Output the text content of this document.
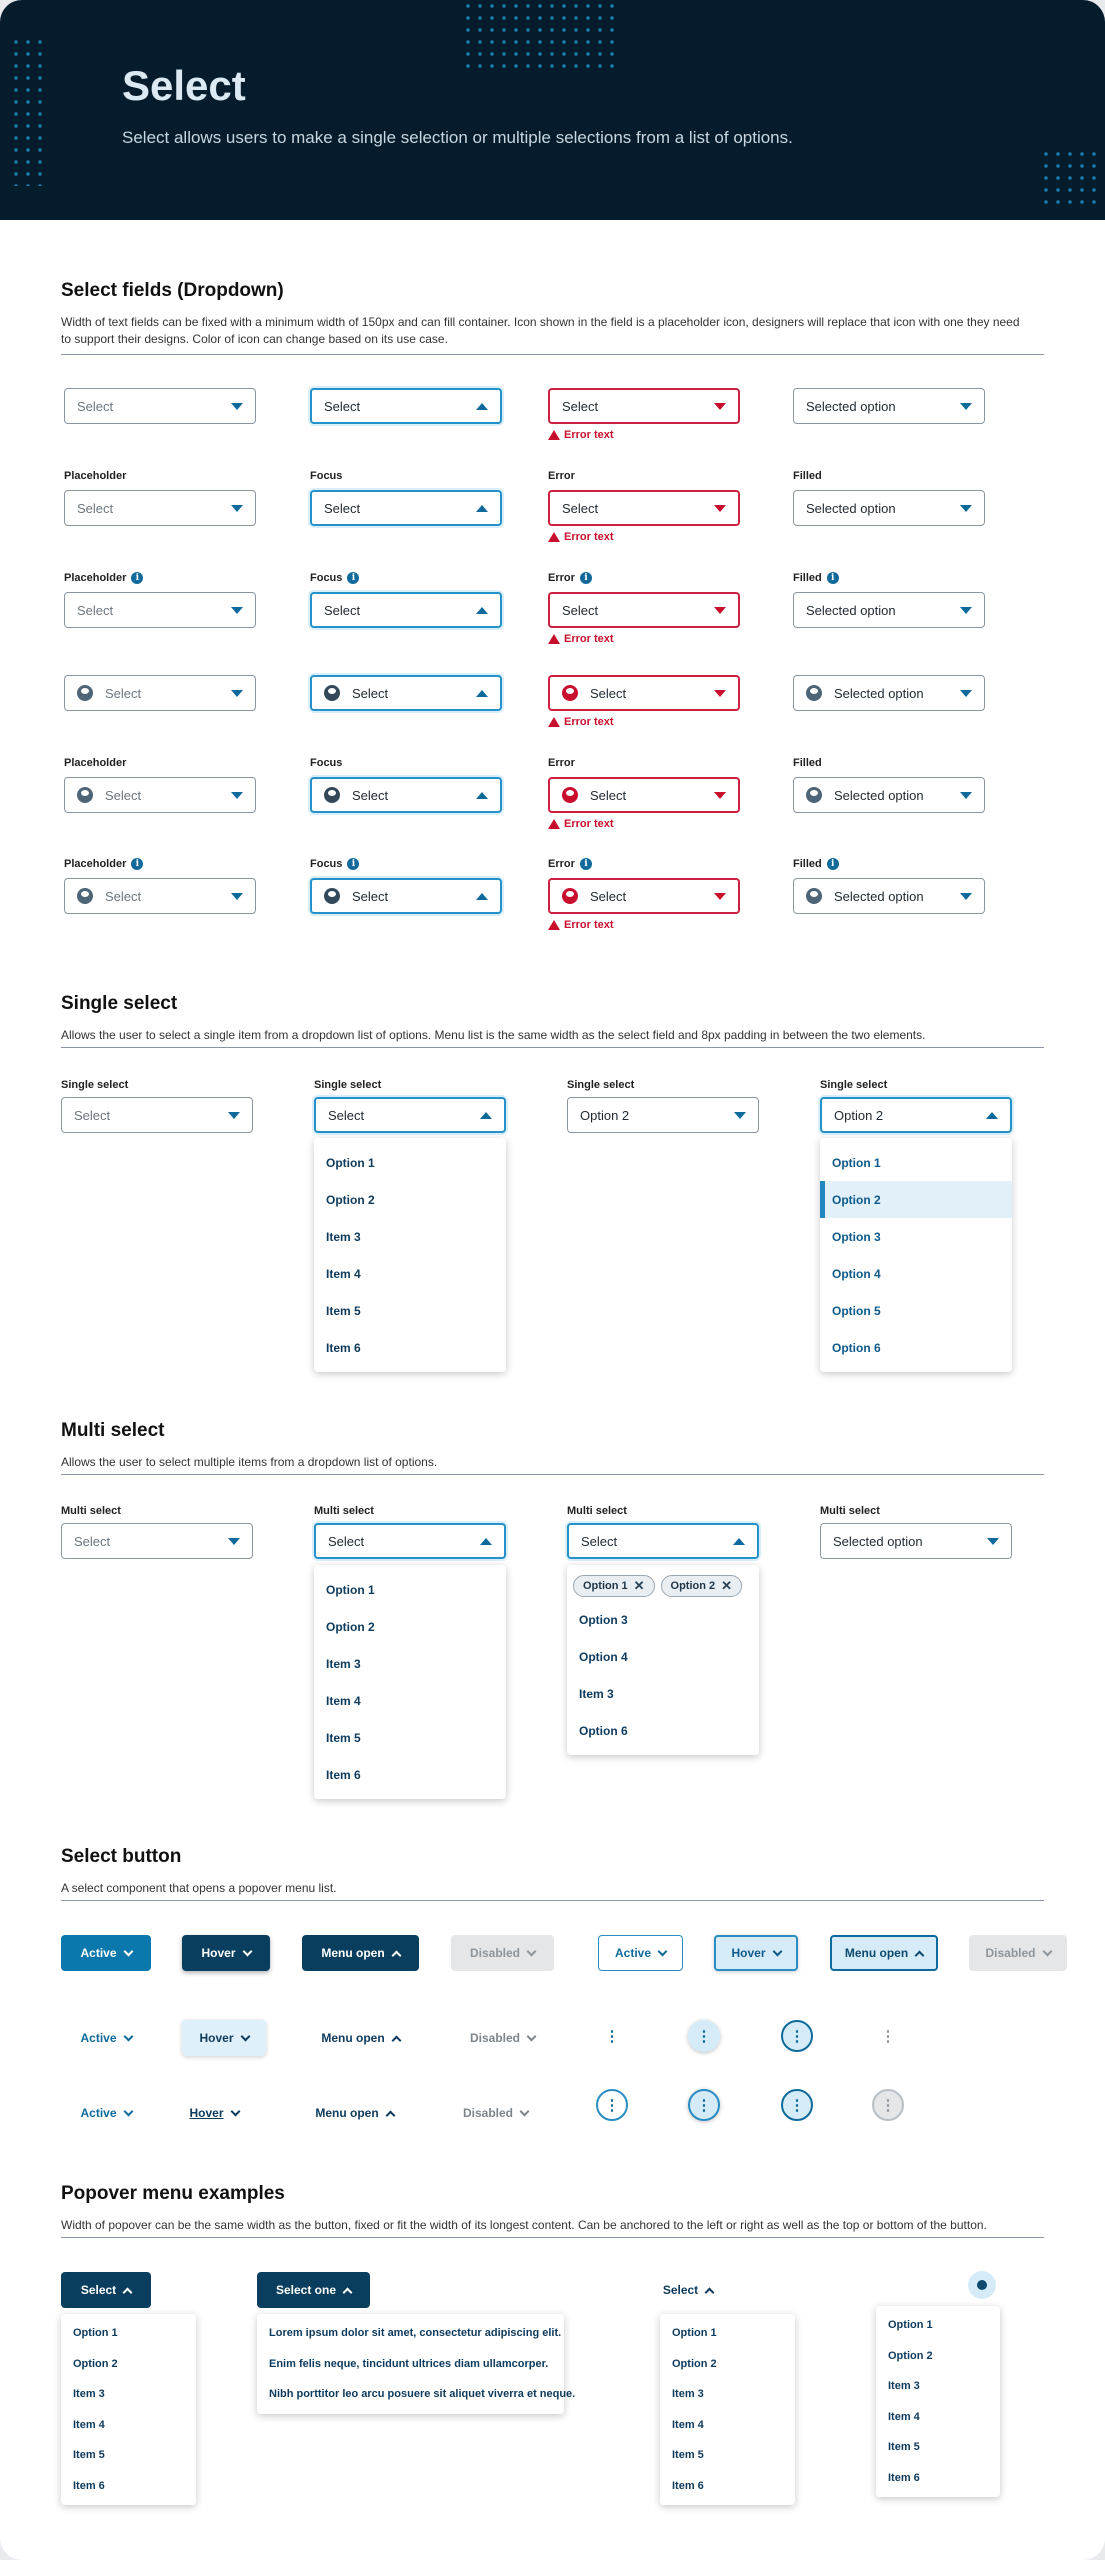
Select

Select allows users to make a single selection or multiple selections from a list of options.

Select fields (Dropdown)
Width of text fields can be fixed with a minimum width of 150px and can fill container. Icon shown in the field is a placeholder icon, designers will replace that icon with one they need to support their designs. Color of icon can change based on its use case.
Single select
Allows the user to select a single item from a dropdown list of options. Menu list is the same width as the select field and 8px padding in between the two elements.
Multi select
Allows the user to select multiple items from a dropdown list of options.
Select button
A select component that opens a popover menu list.
Popover menu examples
Width of popover can be the same width as the button, fixed or fit the width of its longest content. Can be anchored to the left or right as well as the top or bottom of the button.
Select	Select	Select
Error text
Selected option
Placeholder
Select
Focus
Select
Error
Select
Error text
Filled
Selected option
Placeholder	i
Select
Focus	i
Select
Error	i
Select
Error text
Filled	i
Selected option
Select	Select	Select
Error text
Selected option
Placeholder
Select
Focus
Select
Error
Select
Error text
Filled
Selected option
Placeholder	i
Select
Focus	i
Select
Error	i
Select
Error text
Filled	i
Selected option
Single select
Select
Single select
Select
Single select
Option 2
Single select
Option 2
Option 1
Option 2
Item 3
Item 4
Item 5
Item 6
Option 1
Option 2
Option 3
Option 4
Option 5
Option 6
Multi select
Select
Multi select
Select
Multi select
Select
Multi select
Selected option
Option 1
Option 2
Item 3
Item 4
Item 5
Item 6
Option 1 ✕ Option 2 ✕
Option 3
Option 4
Item 3
Option 6
Active	Hover	Menu open	Disabled	Active	Hover	Menu open	Disabled
Active	Hover	Menu open	Disabled	⋮	⋮	⋮	⋮
Active	Hover	Menu open	Disabled	⋮	⋮	⋮	⋮
Select	Select one	Select
Option 1
Option 2
Item 3
Item 4
Item 5
Item 6
Lorem ipsum dolor sit amet, consectetur adipiscing elit.
Enim felis neque, tincidunt ultrices diam ullamcorper.
Nibh porttitor leo arcu posuere sit aliquet viverra et neque.
Option 1
Option 2
Item 3
Item 4
Item 5
Item 6
Option 1
Option 2
Item 3
Item 4
Item 5
Item 6
